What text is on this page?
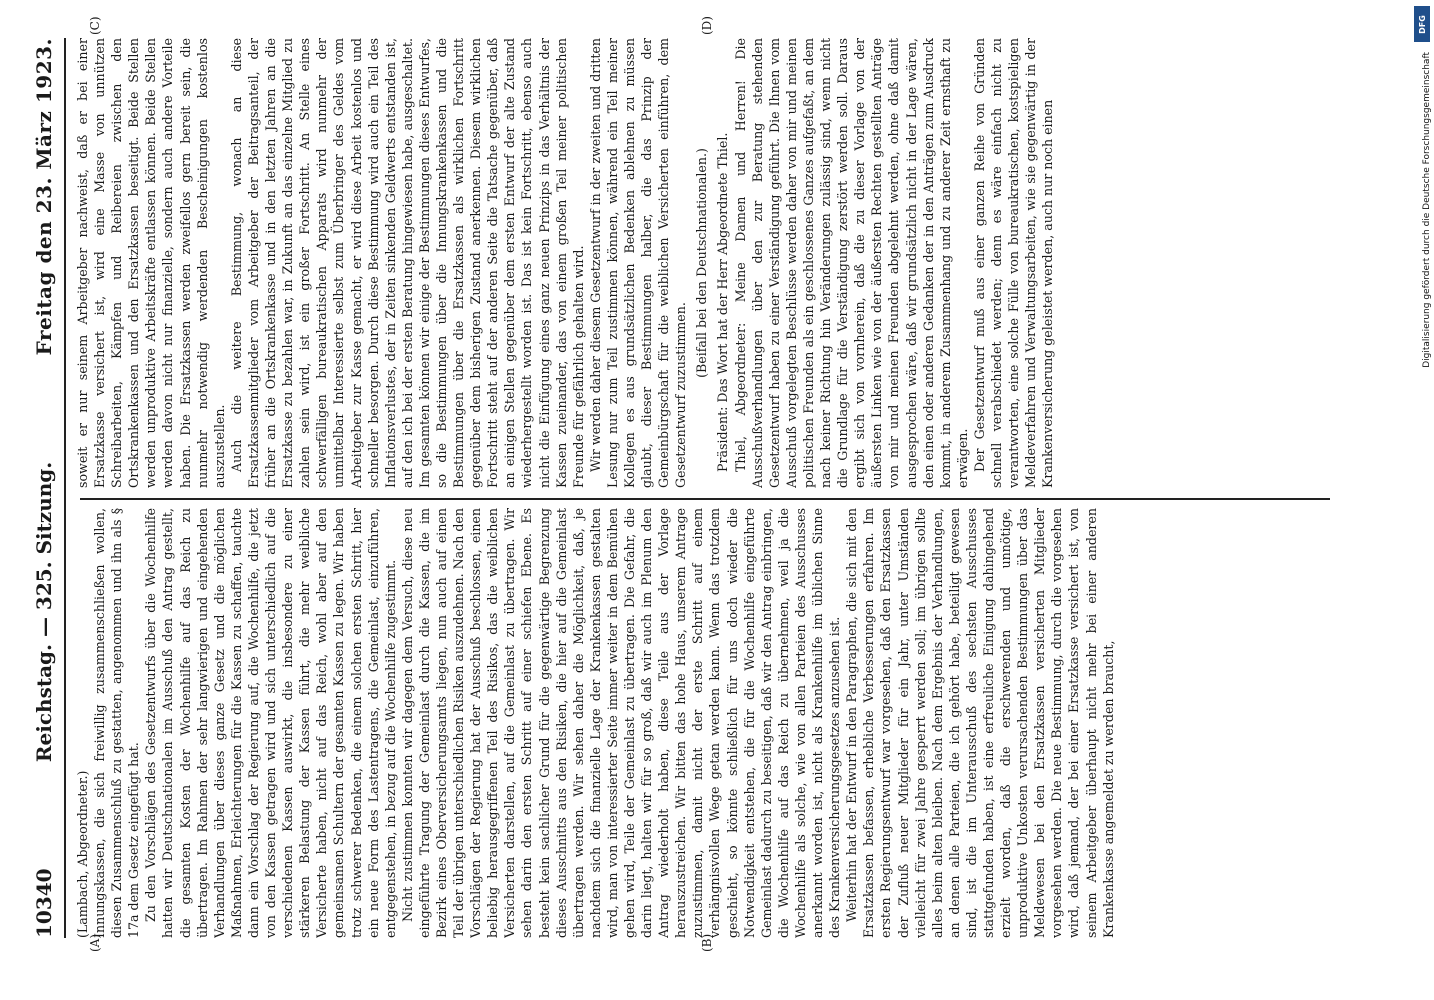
10340
Reichstag. — 325. Sitzung.
Freitag den 23. März 1923.
(A)	(B)
(C)	(D)

(Lambach, Abgeordneter.) Innungskassen, die sich freiwillig zusammenschließen wollen, diesen Zusammenschluß zu gestatten, angenommen und ihn als § 17a dem Gesetz eingefügt hat. Zu den Vorschlägen des Gesetzentwurfs über die Wochenhilfe hatten wir Deutschnationalen im Ausschuß den Antrag gestellt, die gesamten Kosten der Wochenhilfe auf das Reich zu übertragen. Im Rahmen der sehr langwierigen und eingehenden Verhandlungen über dieses ganze Gesetz und die möglichen Maßnahmen, Erleichterungen für die Kassen zu schaffen, tauchte dann ein Vorschlag der Regierung auf, die Wochenhilfe, die jetzt von den Kassen getragen wird und sich unterschiedlich auf die verschiedenen Kassen auswirkt, die insbesondere zu einer stärkeren Belastung der Kassen führt, die mehr weibliche Versicherte haben, nicht auf das Reich, wohl aber auf den gemeinsamen Schultern der gesamten Kassen zu legen. Wir haben trotz schwerer Bedenken, die einem solchen ersten Schritt, hier ein neue Form des Lastentragens, die Gemeinlast, einzuführen, entgegenstehen, in bezug auf die Wochenhilfe zugestimmt. Nicht zustimmen konnten wir dagegen dem Versuch, diese neu eingeführte Tragung der Gemeinlast durch die Kassen, die im Bezirk eines Oberversicherungsamts liegen, nun auch auf einen Teil der übrigen unterschiedlichen Risiken auszudehnen. Nach den Vorschlägen der Regierung hat der Ausschuß beschlossen, einen beliebig herausgegriffenen Teil des Risikos, das die weiblichen Versicherten darstellen, auf die Gemeinlast zu übertragen. Wir sehen darin den ersten Schritt auf einer schiefen Ebene. Es besteht kein sachlicher Grund für die gegenwärtige Begrenzung dieses Ausschnitts aus den Risiken, die hier auf die Gemeinlast übertragen werden. Wir sehen daher die Möglichkeit, daß, je nachdem sich die finanzielle Lage der Krankenkassen gestalten wird, man von interessierter Seite immer weiter in dem Bemühen gehen wird, Teile der Gemeinlast zu übertragen. Die Gefahr, die darin liegt, halten wir für so groß, daß wir auch im Plenum den Antrag wiederholt haben, diese Teile aus der Vorlage herauszustreichen. Wir bitten das hohe Haus, unserem Antrage zuzustimmen, damit nicht der erste Schritt auf einem verhängnisvollen Wege getan werden kann. Wenn das trotzdem geschieht, so könnte schließlich für uns doch wieder die Notwendigkeit entstehen, die für die Wochenhilfe eingeführte Gemeinlast dadurch zu beseitigen, daß wir den Antrag einbringen, die Wochenhilfe auf das Reich zu übernehmen, weil ja die Wochenhilfe als solche, wie von allen Parteien des Ausschusses anerkannt worden ist, nicht als Krankenhilfe im üblichen Sinne des Krankenversicherungsgesetzes anzusehen ist. Weiterhin hat der Entwurf in den Paragraphen, die sich mit den Ersatzkassen befassen, erhebliche Verbesserungen erfahren. Im ersten Regierungsentwurf war vorgesehen, daß den Ersatzkassen der Zufluß neuer Mitglieder für ein Jahr, unter Umständen vielleicht für zwei Jahre gesperrt werden soll; im übrigen sollte alles beim alten bleiben. Nach dem Ergebnis der Verhandlungen, an denen alle Parteien, die ich gehört habe, beteiligt gewesen sind, ist die im Unterausschuß des sechsten Ausschusses stattgefunden haben, ist eine erfreuliche Einigung dahingehend erzielt worden, daß die erschwerenden und unnötige, unproduktive Unkosten verursachenden Bestimmungen über das Meldewesen bei den Ersatzkassen versicherten Mitglieder vorgesehen werden. Die neue Bestimmung, durch die vorgesehen wird, daß jemand, der bei einer Ersatzkasse versichert ist, von seinem Arbeitgeber überhaupt nicht mehr bei einer anderen Krankenkasse angemeldet zu werden braucht,

soweit er nur seinem Arbeitgeber nachweist, daß er bei einer Ersatzkasse versichert ist, wird eine Masse von unnützen Schreibarbeiten, Kämpfen und Reibereien zwischen den Ortskrankenkassen und den Ersatzkassen beseitigt. Beide Stellen werden unproduktive Arbeitskräfte entlassen können. Beide Stellen werden davon nicht nur finanzielle, sondern auch andere Vorteile haben. Die Ersatzkassen werden zweifellos gern bereit sein, die nunmehr notwendig werdenden Bescheinigungen kostenlos auszustellen. Auch die weitere Bestimmung, wonach an diese Ersatzkassenmitglieder vom Arbeitgeber der Beitragsanteil, der früher an die Ortskrankenkasse und in den letzten Jahren an die Ersatzkasse zu bezahlen war, in Zukunft an das einzelne Mitglied zu zahlen sein wird, ist ein großer Fortschritt. An Stelle eines schwerfälligen bureaukratischen Apparats wird nunmehr der unmittelbar Interessierte selbst zum Überbringer des Geldes vom Arbeitgeber zur Kasse gemacht, er wird diese Arbeit kostenlos und schneller besorgen. Durch diese Bestimmung wird auch ein Teil des Inflationsverlustes, der in Zeiten sinkenden Geldwerts entstanden ist, auf den ich bei der ersten Beratung hingewiesen habe, ausgeschaltet. Im gesamten können wir einige der Bestimmungen dieses Entwurfes, so die Bestimmungen über die Innungskrankenkassen und die Bestimmungen über die Ersatzkassen als wirklichen Fortschritt gegenüber dem bisherigen Zustand anerkennen. Diesem wirklichen Fortschritt steht auf der anderen Seite die Tatsache gegenüber, daß an einigen Stellen gegenüber dem ersten Entwurf der alte Zustand wiederhergestellt worden ist. Das ist kein Fortschritt, ebenso auch nicht die Einfügung eines ganz neuen Prinzips in das Verhältnis der Kassen zueinander, das von einem großen Teil meiner politischen Freunde für gefährlich gehalten wird. Wir werden daher diesem Gesetzentwurf in der zweiten und dritten Lesung nur zum Teil zustimmen können, während ein Teil meiner Kollegen es aus grundsätzlichen Bedenken ablehnen zu müssen glaubt, dieser Bestimmungen halber, die das Prinzip der Gemeinbürgschaft für die weiblichen Versicherten einführen, dem Gesetzentwurf zuzustimmen.

(Beifall bei den Deutschnationalen.) Präsident: Das Wort hat der Herr Abgeordnete Thiel. Thiel, Abgeordneter: Meine Damen und Herren! Die Ausschußverhandlungen über den zur Beratung stehenden Gesetzentwurf haben zu einer Verständigung geführt. Die Ihnen vom Ausschuß vorgelegten Beschlüsse werden daher von mir und meinen politischen Freunden als ein geschlossenes Ganzes aufgefaßt, an dem nach keiner Richtung hin Veränderungen zulässig sind, wenn nicht die Grundlage für die Verständigung zerstört werden soll. Daraus ergibt sich von vornherein, daß die zu dieser Vorlage von der äußersten Linken wie von der äußersten Rechten gestellten Anträge von mir und meinen Freunden abgelehnt werden, ohne daß damit ausgesprochen wäre, daß wir grundsätzlich nicht in der Lage wären, den einen oder anderen Gedanken der in den Anträgen zum Ausdruck kommt, in anderem Zusammenhang und zu anderer Zeit ernsthaft zu erwägen. Der Gesetzentwurf muß aus einer ganzen Reihe von Gründen schnell verabschiedet werden; denn es wäre einfach nicht zu verantworten, eine solche Fülle von bureaukratischen, kostspieligen Meldeverfahren und Verwaltungsarbeiten, wie sie gegenwärtig in der Krankenversicherung geleistet werden, auch nur noch einen

DFG
Digitalisierung gefördert durch die Deutsche Forschungsgemeinschaft
